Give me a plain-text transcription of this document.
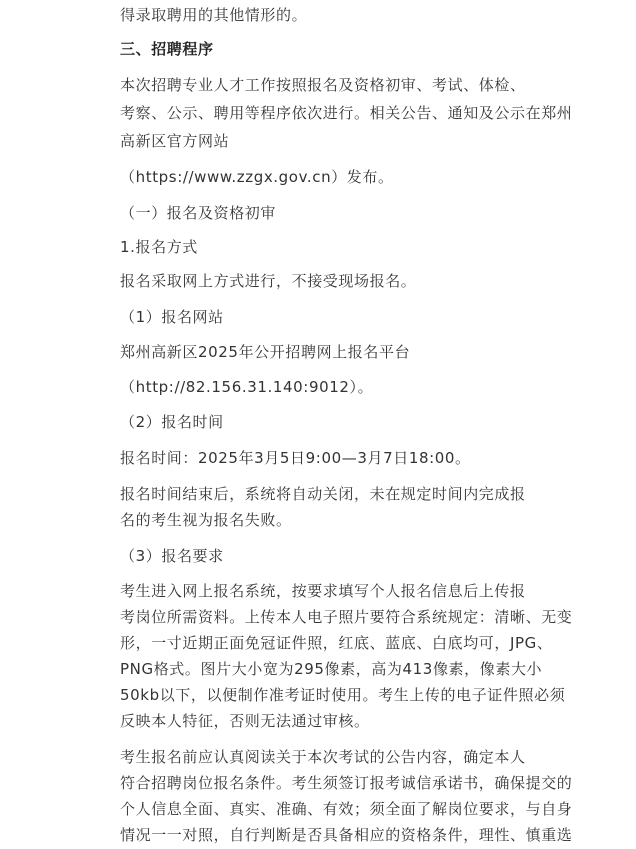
得录取聘用的其他情形的。
三、招聘程序
本次招聘专业人才工作按照报名及资格初审、考试、体检、
考察、公示、聘用等程序依次进行。相关公告、通知及公示在郑州
高新区官方网站
（https://www.zzgx.gov.cn）发布。
（一）报名及资格初审
1.报名方式
报名采取网上方式进行，不接受现场报名。
（1）报名网站
郑州高新区2025年公开招聘网上报名平台
（http://82.156.31.140:9012）。
（2）报名时间
报名时间：2025年3月5日9:00—3月7日18:00。
报名时间结束后，系统将自动关闭，未在规定时间内完成报
名的考生视为报名失败。
（3）报名要求
考生进入网上报名系统，按要求填写个人报名信息后上传报
考岗位所需资料。上传本人电子照片要符合系统规定：清晰、无变
形，一寸近期正面免冠证件照，红底、蓝底、白底均可，JPG、
PNG格式。图片大小宽为295像素，高为413像素，像素大小
50kb以下，以便制作准考证时使用。考生上传的电子证件照必须
反映本人特征，否则无法通过审核。
考生报名前应认真阅读关于本次考试的公告内容，确定本人
符合招聘岗位报名条件。考生须签订报考诚信承诺书，确保提交的
个人信息全面、真实、准确、有效；须全面了解岗位要求，与自身
情况一一对照，自行判断是否具备相应的资格条件，理性、慎重选
